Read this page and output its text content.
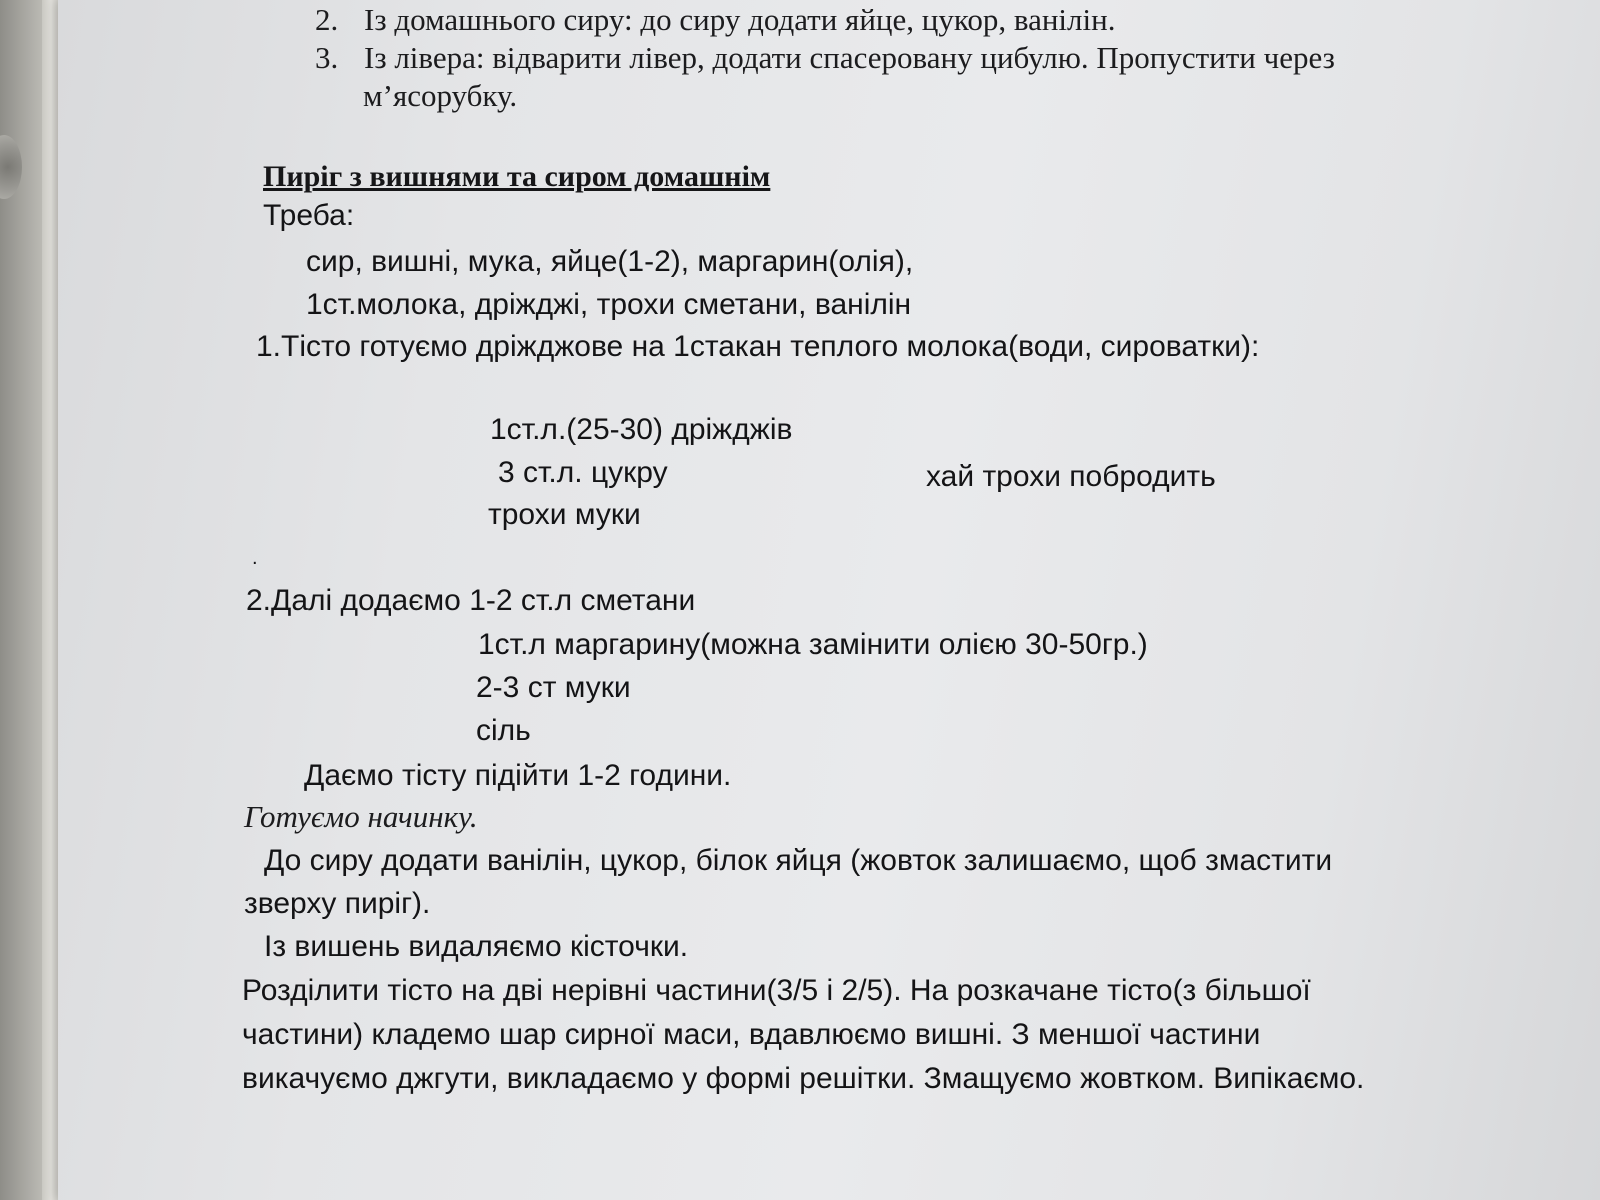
2. Із домашнього сиру: до сиру додати яйце, цукор, ванілін.
3. Із лівера: відварити лівер, додати спасеровану цибулю. Пропустити через
м’ясорубку.
Пиріг з вишнями та сиром домашнім
Треба:
сир, вишні, мука, яйце(1-2), маргарин(олія),
1ст.молока, дріжджі, трохи сметани, ванілін
1.Тісто готуємо дріжджове на 1стакан теплого молока(води, сироватки):
1ст.л.(25-30) дріжджів
3 ст.л. цукру
трохи муки
хай трохи побродить
.
2.Далі додаємо 1-2 ст.л сметани
1ст.л маргарину(можна замінити олією 30-50гр.)
2-3 ст муки
сіль
Даємо тісту підійти 1-2 години.
Готуємо начинку.
До сиру додати ванілін, цукор, білок яйця (жовток залишаємо, щоб змастити
зверху пиріг).
Із вишень видаляємо кісточки.
Розділити тісто на дві нерівні частини(3/5 і 2/5). На розкачане тісто(з більшої
частини) кладемо шар сирної маси, вдавлюємо вишні. З меншої частини
викачуємо джгути, викладаємо у формі решітки. Змащуємо жовтком. Випікаємо.
